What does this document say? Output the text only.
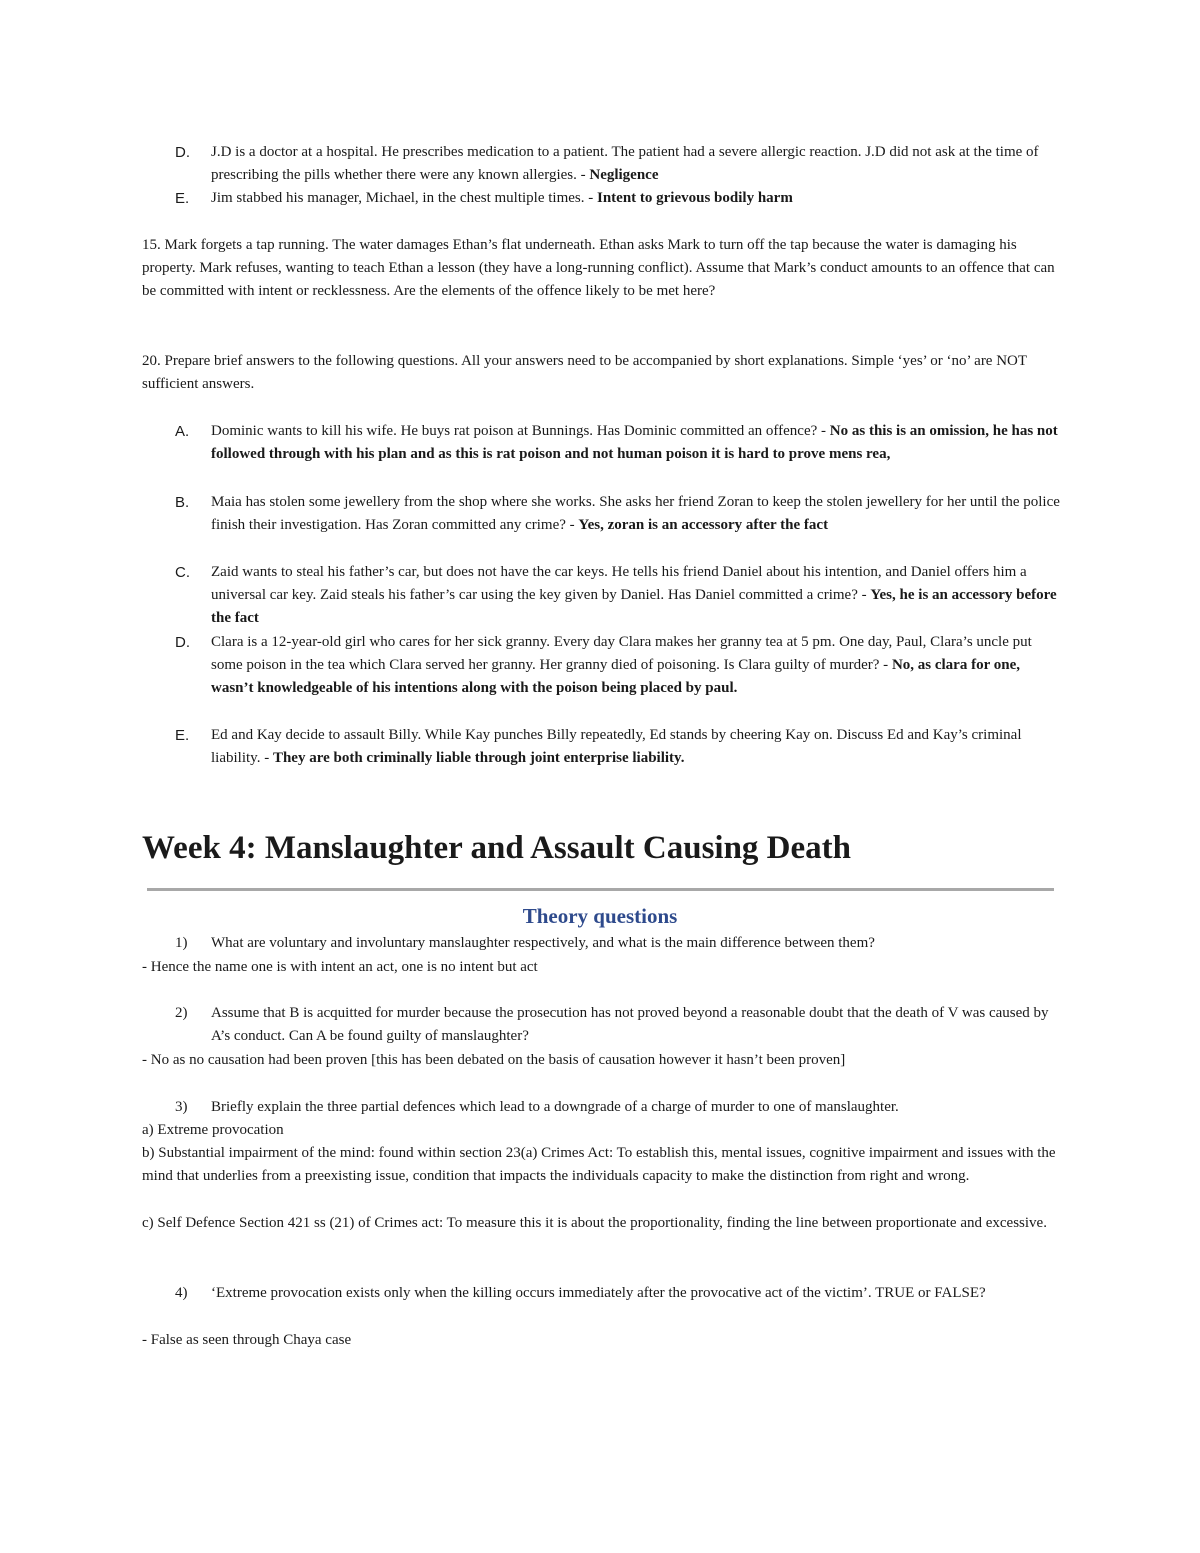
D.	J.D is a doctor at a hospital. He prescribes medication to a patient. The patient had a severe allergic reaction. J.D did not ask at the time of prescribing the pills whether there were any known allergies. - Negligence
E.	Jim stabbed his manager, Michael, in the chest multiple times. - Intent to grievous bodily harm
15. Mark forgets a tap running. The water damages Ethan’s flat underneath. Ethan asks Mark to turn off the tap because the water is damaging his property. Mark refuses, wanting to teach Ethan a lesson (they have a long-running conflict). Assume that Mark’s conduct amounts to an offence that can be committed with intent or recklessness. Are the elements of the offence likely to be met here?
20. Prepare brief answers to the following questions. All your answers need to be accompanied by short explanations. Simple ‘yes’ or ‘no’ are NOT sufficient answers.
A.	Dominic wants to kill his wife. He buys rat poison at Bunnings. Has Dominic committed an offence? - No as this is an omission, he has not followed through with his plan and as this is rat poison and not human poison it is hard to prove mens rea,
B.	Maia has stolen some jewellery from the shop where she works. She asks her friend Zoran to keep the stolen jewellery for her until the police finish their investigation. Has Zoran committed any crime? - Yes, zoran is an accessory after the fact
C.	Zaid wants to steal his father’s car, but does not have the car keys. He tells his friend Daniel about his intention, and Daniel offers him a universal car key. Zaid steals his father’s car using the key given by Daniel. Has Daniel committed a crime? - Yes, he is an accessory before the fact
D.	Clara is a 12-year-old girl who cares for her sick granny. Every day Clara makes her granny tea at 5 pm. One day, Paul, Clara’s uncle put some poison in the tea which Clara served her granny. Her granny died of poisoning. Is Clara guilty of murder? - No, as clara for one, wasn’t knowledgeable of his intentions along with the poison being placed by paul.
E.	Ed and Kay decide to assault Billy. While Kay punches Billy repeatedly, Ed stands by cheering Kay on. Discuss Ed and Kay’s criminal liability. - They are both criminally liable through joint enterprise liability.
Week 4: Manslaughter and Assault Causing Death
Theory questions
1)	What are voluntary and involuntary manslaughter respectively, and what is the main difference between them?
- Hence the name one is with intent an act, one is no intent but act
2)	Assume that B is acquitted for murder because the prosecution has not proved beyond a reasonable doubt that the death of V was caused by A’s conduct. Can A be found guilty of manslaughter?
- No as no causation had been proven [this has been debated on the basis of causation however it hasn’t been proven]
3)	Briefly explain the three partial defences which lead to a downgrade of a charge of murder to one of manslaughter.
a) Extreme provocation
b) Substantial impairment of the mind: found within section 23(a) Crimes Act: To establish this, mental issues, cognitive impairment and issues with the mind that underlies from a preexisting issue, condition that impacts the individuals capacity to make the distinction from right and wrong.
c) Self Defence Section 421 ss (21) of Crimes act: To measure this it is about the proportionality, finding the line between proportionate and excessive.
4)	‘Extreme provocation exists only when the killing occurs immediately after the provocative act of the victim’. TRUE or FALSE?
- False as seen through Chaya case
